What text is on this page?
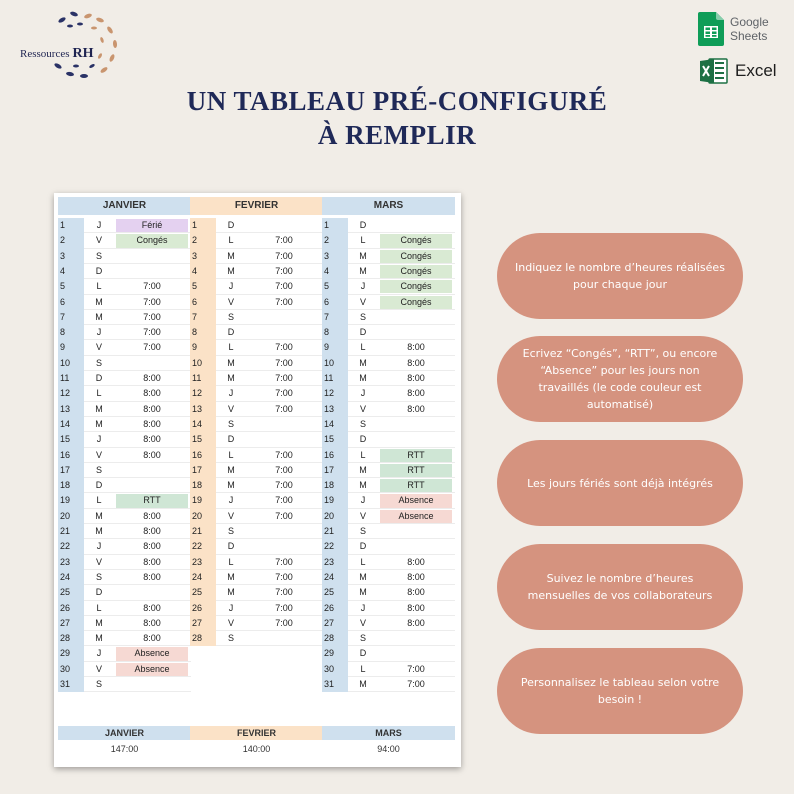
Ressources RH
Google
Sheets
Excel
UN TABLEAU PRÉ-CONFIGURÉ
À REMPLIR
JANVIER
1	J	Férié
2	V	Congés
3	S
4	D
5	L	7:00
6	M	7:00
7	M	7:00
8	J	7:00
9	V	7:00
10	S
11	D	8:00
12	L	8:00
13	M	8:00
14	M	8:00
15	J	8:00
16	V	8:00
17	S
18	D
19	L	RTT
20	M	8:00
21	M	8:00
22	J	8:00
23	V	8:00
24	S	8:00
25	D
26	L	8:00
27	M	8:00
28	M	8:00
29	J	Absence
30	V	Absence
31	S
JANVIER
147:00
FEVRIER
1	D
2	L	7:00
3	M	7:00
4	M	7:00
5	J	7:00
6	V	7:00
7	S
8	D
9	L	7:00
10	M	7:00
11	M	7:00
12	J	7:00
13	V	7:00
14	S
15	D
16	L	7:00
17	M	7:00
18	M	7:00
19	J	7:00
20	V	7:00
21	S
22	D
23	L	7:00
24	M	7:00
25	M	7:00
26	J	7:00
27	V	7:00
28	S
FEVRIER
140:00
MARS
1	D
2	L	Congés
3	M	Congés
4	M	Congés
5	J	Congés
6	V	Congés
7	S
8	D
9	L	8:00
10	M	8:00
11	M	8:00
12	J	8:00
13	V	8:00
14	S
15	D
16	L	RTT
17	M	RTT
18	M	RTT
19	J	Absence
20	V	Absence
21	S
22	D
23	L	8:00
24	M	8:00
25	M	8:00
26	J	8:00
27	V	8:00
28	S
29	D
30	L	7:00
31	M	7:00
MARS
94:00
Indiquez le nombre d’heures réalisées pour chaque jour
Ecrivez “Congés”, “RTT”, ou encore “Absence” pour les jours non travaillés (le code couleur est automatisé)
Les jours fériés sont déjà intégrés
Suivez le nombre d’heures mensuelles de vos collaborateurs
Personnalisez le tableau selon votre besoin !
